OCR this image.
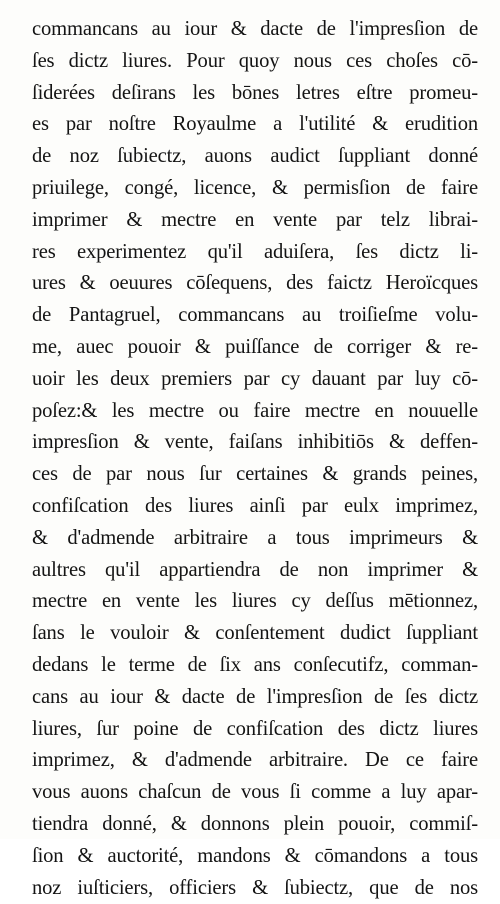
commancans au iour & dacte de l'impresſion de
ſes dictz liures. Pour quoy nous ces choſes cō-
ſiderées deſirans les bōnes letres eſtre promeu-
es par noſtre Royaulme a l'utilité & erudition
de noz ſubiectz, auons audict ſuppliant donné
priuilege, congé, licence, & permisſion de faire
imprimer & mectre en vente par telz librai-
res experimentez qu'il aduiſera, ſes dictz li-
ures & oeuures cōſequens, des faictz Heroïcques
de Pantagruel, commancans au troiſieſme volu-
me, auec pouoir & puiſſance de corriger & re-
uoir les deux premiers par cy dauant par luy cō-
poſez:& les mectre ou faire mectre en nouuelle
impresſion & vente, faiſans inhibitiōs & deffen-
ces de par nous ſur certaines & grands peines,
confiſcation des liures ainſi par eulx imprimez,
& d'admende arbitraire a tous imprimeurs &
aultres qu'il appartiendra de non imprimer &
mectre en vente les liures cy deſſus mētionnez,
ſans le vouloir & conſentement dudict ſuppliant
dedans le terme de ſix ans conſecutifz, comman-
cans au iour & dacte de l'impresſion de ſes dictz
liures, ſur poine de confiſcation des dictz liures
imprimez, & d'admende arbitraire. De ce faire
vous auons chaſcun de vous ſi comme a luy apar-
tiendra donné, & donnons plein pouoir, commiſ-
ſion & auctorité, mandons & cōmandons a tous
noz iuſticiers, officiers & ſubiectz, que de nos
